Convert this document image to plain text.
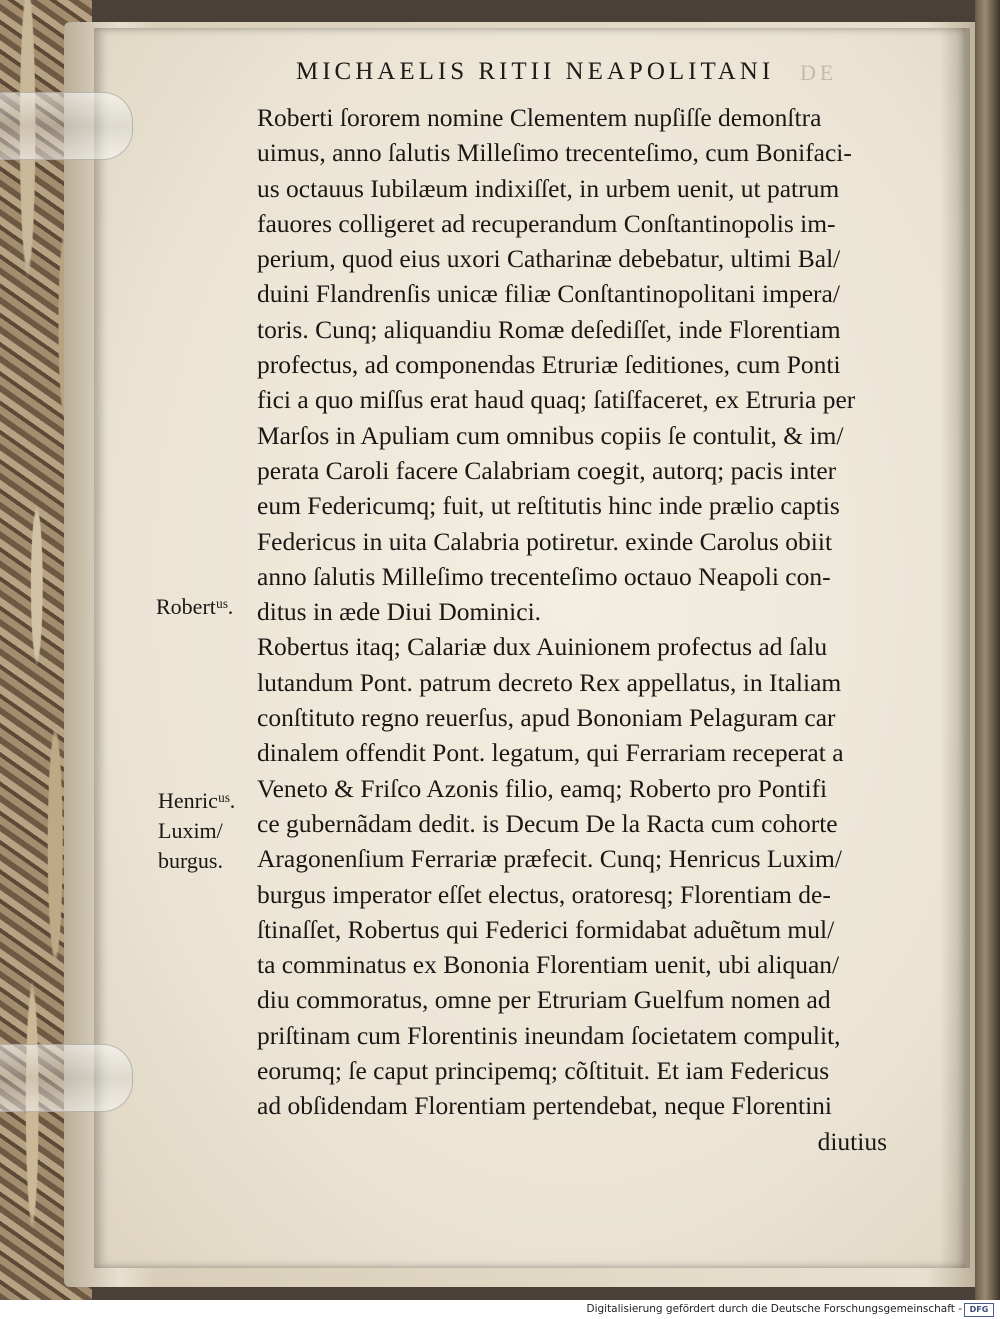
DE
MICHAELIS RITII NEAPOLITANI
Roberti ſororem nomine Clementem nupſiſſe demonſtra
uimus, anno ſalutis Milleſimo trecenteſimo, cum Bonifaci-
us octauus Iubilæum indixiſſet, in urbem uenit, ut patrum
fauores colligeret ad recuperandum Conſtantinopolis im-
perium, quod eius uxori Catharinæ debebatur, ultimi Bal/
duini Flandrenſis unicæ filiæ Conſtantinopolitani impera/
toris. Cunq; aliquandiu Romæ deſediſſet, inde Florentiam
profectus, ad componendas Etruriæ ſeditiones, cum Ponti
fici a quo miſſus erat haud quaq; ſatiſfaceret, ex Etruria per
Marſos in Apuliam cum omnibus copiis ſe contulit, & im/
perata Caroli facere Calabriam coegit, autorq; pacis inter
eum Federicumq; fuit, ut reſtitutis hinc inde prælio captis
Federicus in uita Calabria potiretur. exinde Carolus obiit
anno ſalutis Milleſimo trecenteſimo octauo Neapoli con-
ditus in æde Diui Dominici.
Robertus itaq; Calariæ dux Auinionem profectus ad ſalu
lutandum Pont. patrum decreto Rex appellatus, in Italiam
conſtituto regno reuerſus, apud Bononiam Pelaguram car
dinalem offendit Pont. legatum, qui Ferrariam receperat a
Veneto & Friſco Azonis filio, eamq; Roberto pro Pontifi
ce gubernãdam dedit. is Decum De la Racta cum cohorte
Aragonenſium Ferrariæ præfecit. Cunq; Henricus Luxim/
burgus imperator eſſet electus, oratoresq; Florentiam de-
ſtinaſſet, Robertus qui Federici formidabat aduẽtum mul/
ta comminatus ex Bononia Florentiam uenit, ubi aliquan/
diu commoratus, omne per Etruriam Guelfum nomen ad
priſtinam cum Florentinis ineundam ſocietatem compulit,
eorumq; ſe caput principemq; cõſtituit. Et iam Federicus
ad obſidendam Florentiam pertendebat, neque Florentini
diutius
Robertᵘˢ.
Henricᵘˢ.
Luxim/
burgus.
Digitalisierung gefördert durch die Deutsche Forschungsgemeinschaft - DFG
